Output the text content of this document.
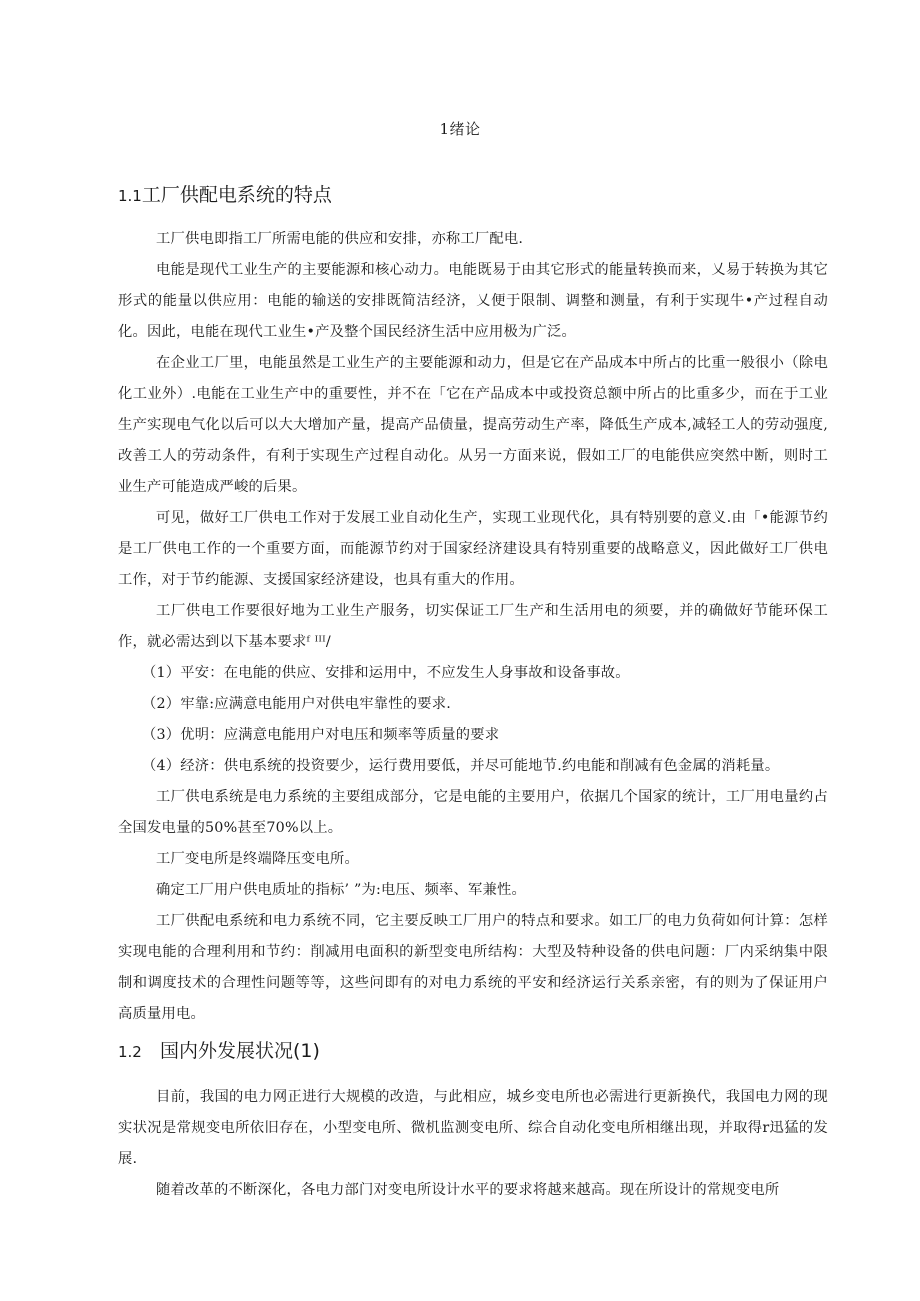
1绪论
1.1工厂供配电系统的特点

工厂供电即指工厂所需电能的供应和安排，亦称工厂配电.

电能是现代工业生产的主要能源和核心动力。电能既易于由其它形式的能量转换而来，乂易于转换为其它形式的能量以供应用：电能的输送的安排既简洁经济，乂便于限制、调整和测量，有利于实现牛•产过程自动化。因此，电能在现代工业生•产及整个国民经济生活中应用极为广泛。

在企业工厂里，电能虽然是工业生产的主要能源和动力，但是它在产品成本中所占的比重一般很小（除电化工业外）.电能在工业生产中的重要性，并不在「它在产品成本中或投资总额中所占的比重多少，而在于工业生产实现电气化以后可以大大增加产量，提高产品债量，提高劳动生产率，降低生产成本,减轻工人的劳动强度,改善工人的劳动条件，有利于实现生产过程自动化。从另一方面来说，假如工厂的电能供应突然中断，则时工业生产可能造成严峻的后果。

可见，做好工厂供电工作对于发展工业自动化生产，实现工业现代化，具有特别要的意义.由「•能源节约是工厂供电工作的一个重要方面，而能源节约对于国家经济建设具有特别重要的战略意义，因此做好工厂供电工作，对于节约能源、支援国家经济建设，也具有重大的作用。

工厂供电工作要很好地为工业生产服务，切实保证工厂生产和生活用电的须要，并的确做好节能环保工作，就必需达到以下基本要求ᶠ ᴵᴵᴵ/

（1）平安：在电能的供应、安排和运用中，不应发生人身事故和设备事故。

（2）牢靠:应满意电能用户对供电牢靠性的要求.

（3）优明：应满意电能用户对电压和频率等质量的要求

（4）经济：供电系统的投资要少，运行费用要低，并尽可能地节.约电能和削减有色金属的消耗量。

工厂供电系统是电力系统的主要组成部分，它是电能的主要用户，依据几个国家的统计，工厂用电量约占全国发电量的50%甚至70%以上。

工厂变电所是终端降压变电所。

确定工厂用户供电质址的指标’ ”为:电压、频率、军兼性。

工厂供配电系统和电力系统不同，它主要反映工厂用户的特点和要求。如工厂的电力负荷如何计算：怎样实现电能的合理利用和节约：削减用电面积的新型变电所结构：大型及特种设备的供电问题：厂内采纳集中限制和调度技术的合理性问题等等，这些问即有的对电力系统的平安和经济运行关系亲密，有的则为了保证用户高质量用电。

1.2 国内外发展状况(1)

目前，我国的电力网正进行大规模的改造，与此相应，城乡变电所也必需进行更新换代，我国电力网的现实状况是常规变电所依旧存在，小型变电所、微机监测变电所、综合自动化变电所相继出现，并取得r迅猛的发展.

随着改革的不断深化，各电力部门对变电所设计水平的要求将越来越高。现在所设计的常规变电所
